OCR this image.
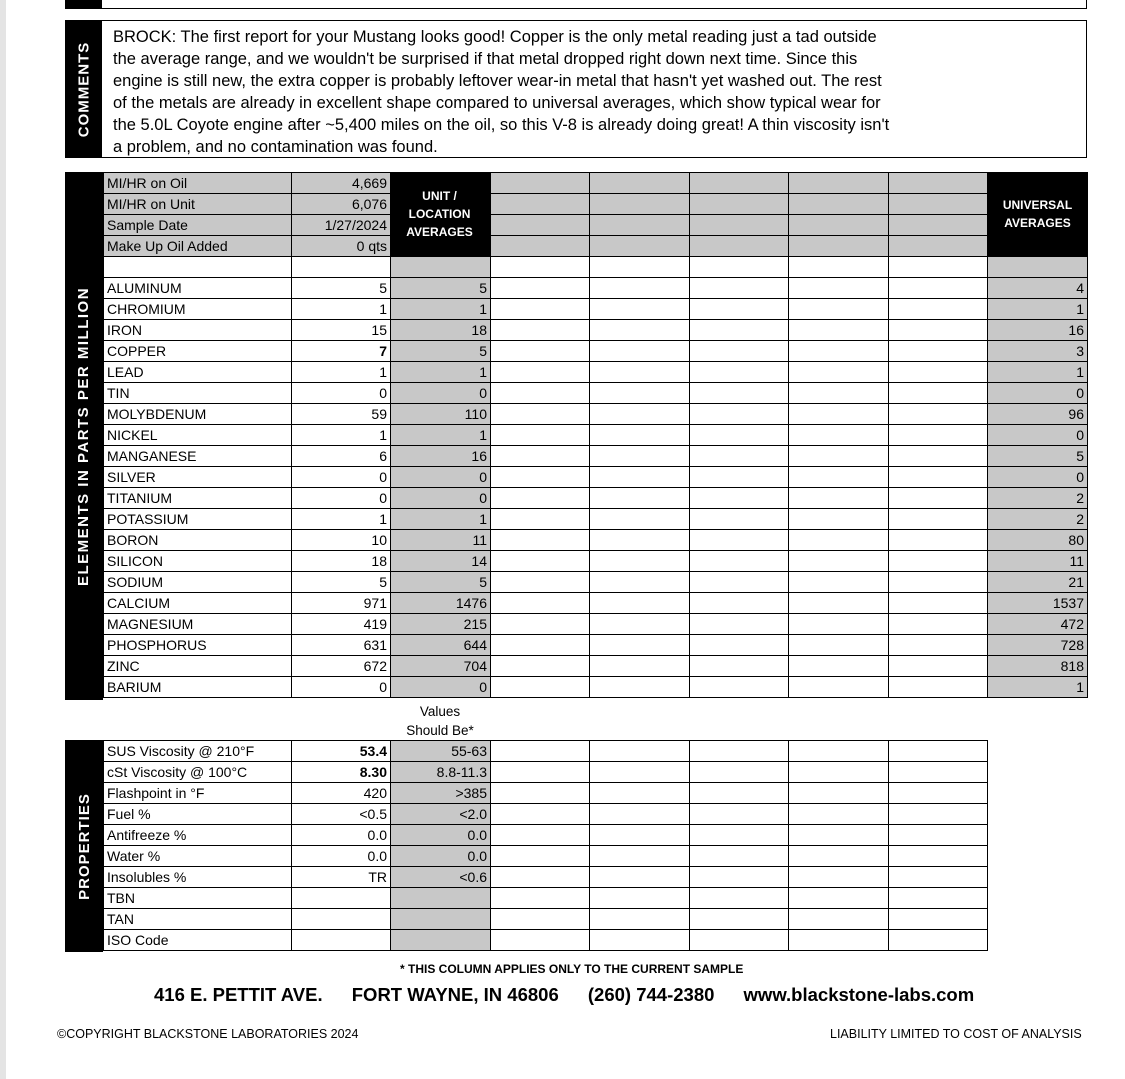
COMMENTS
BROCK: The first report for your Mustang looks good! Copper is the only metal reading just a tad outside
the average range, and we wouldn't be surprised if that metal dropped right down next time. Since this
engine is still new, the extra copper is probably leftover wear-in metal that hasn't yet washed out. The rest
of the metals are already in excellent shape compared to universal averages, which show typical wear for
the 5.0L Coyote engine after ~5,400 miles on the oil, so this V-8 is already doing great! A thin viscosity isn't
a problem, and no contamination was found.
ELEMENTS IN PARTS PER MILLION
MI/HR on Oil	4,669							
MI/HR on Unit	6,076							
Sample Date	1/27/2024							
Make Up Oil Added	0 qts							

ALUMINUM	5	5						4
CHROMIUM	1	1						1
IRON	15	18						16
COPPER	7	5						3
LEAD	1	1						1
TIN	0	0						0
MOLYBDENUM	59	110						96
NICKEL	1	1						0
MANGANESE	6	16						5
SILVER	0	0						0
TITANIUM	0	0						2
POTASSIUM	1	1						2
BORON	10	11						80
SILICON	18	14						11
SODIUM	5	5						21
CALCIUM	971	1476						1537
MAGNESIUM	419	215						472
PHOSPHORUS	631	644						728
ZINC	672	704						818
BARIUM	0	0						1
UNIT /
LOCATION
AVERAGES
UNIVERSAL
AVERAGES
Values
Should Be*
PROPERTIES
SUS Viscosity @ 210°F	53.4	55-63					
cSt Viscosity @ 100°C	8.30	8.8-11.3					
Flashpoint in °F	420	>385					
Fuel %	<0.5	<2.0					
Antifreeze %	0.0	0.0					
Water %	0.0	0.0					
Insolubles %	TR	<0.6					
TBN							
TAN							
ISO Code							
* THIS COLUMN APPLIES ONLY TO THE CURRENT SAMPLE
416 E. PETTIT AVE. FORT WAYNE, IN 46806 (260) 744-2380 www.blackstone-labs.com
©COPYRIGHT BLACKSTONE LABORATORIES 2024	LIABILITY LIMITED TO COST OF ANALYSIS
